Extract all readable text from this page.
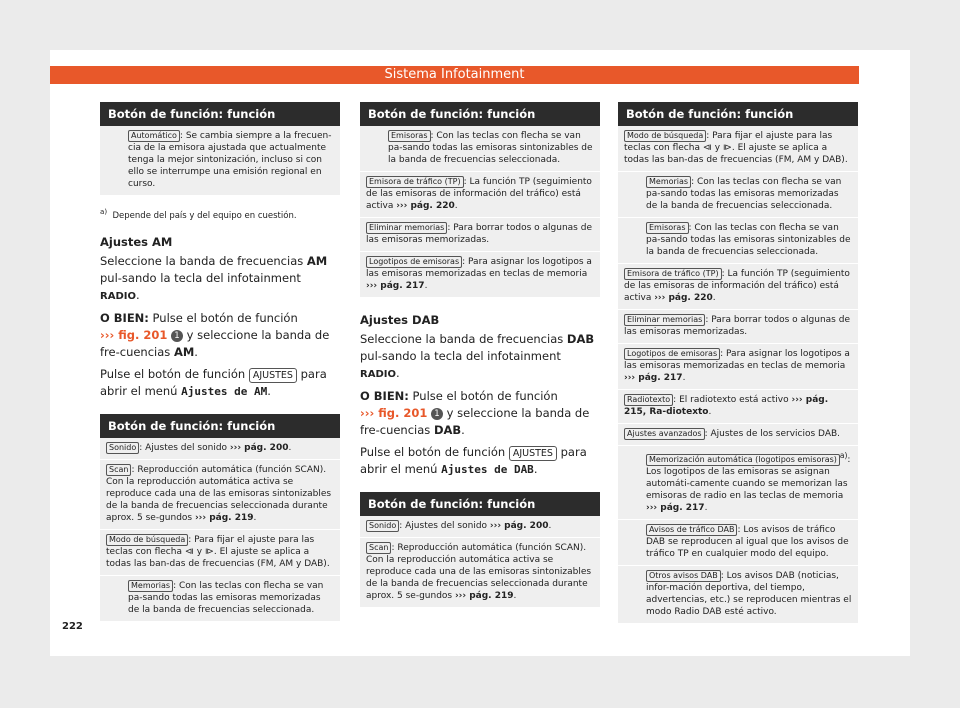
Sistema Infotainment
Botón de función: función
Automático : Se cambia siempre a la frecuen-cia de la emisora ajustada que actualmente tenga la mejor sintonización, incluso si con ello se interrumpe una emisión regional en curso.
$^{a)}$ Depende del país y del equipo en cuestión.

Ajustes AM

Seleccione la banda de frecuencias AM pul-sando la tecla del infotainment RADIO.

O BIEN: Pulse el botón de función
››› fig. 201 1 y seleccione la banda de fre-cuencias AM.

Pulse el botón de función AJUSTES para abrir el menú Ajustes de AM.

Botón de función: función
Sonido : Ajustes del sonido ››› pág. 200.
Scan : Reproducción automática (función SCAN). Con la reproducción automática activa se reproduce cada una de las emisoras sintonizables de la banda de frecuencias seleccionada durante aprox. 5 se-gundos ››› pág. 219.
Modo de búsqueda : Para fijar el ajuste para las teclas con flecha ⧏ y ⧐. El ajuste se aplica a todas las ban-das de frecuencias (FM, AM y DAB).
Memorias : Con las teclas con flecha se van pa-sando todas las emisoras memorizadas de la banda de frecuencias seleccionada.
Botón de función: función
Emisoras : Con las teclas con flecha se van pa-sando todas las emisoras sintonizables de la banda de frecuencias seleccionada.
Emisora de tráfico (TP) : La función TP (seguimiento de las emisoras de información del tráfico) está activa ››› pág. 220.
Eliminar memorias : Para borrar todos o algunas de las emisoras memorizadas.
Logotipos de emisoras : Para asignar los logotipos a las emisoras memorizadas en teclas de memoria ››› pág. 217.

Ajustes DAB

Seleccione la banda de frecuencias DAB pul-sando la tecla del infotainment RADIO.

O BIEN: Pulse el botón de función
››› fig. 201 1 y seleccione la banda de fre-cuencias DAB.

Pulse el botón de función AJUSTES para abrir el menú Ajustes de DAB.

Botón de función: función
Sonido : Ajustes del sonido ››› pág. 200.
Scan : Reproducción automática (función SCAN). Con la reproducción automática activa se reproduce cada una de las emisoras sintonizables de la banda de frecuencias seleccionada durante aprox. 5 se-gundos ››› pág. 219.
Botón de función: función
Modo de búsqueda : Para fijar el ajuste para las teclas con flecha ⧏ y ⧐. El ajuste se aplica a todas las ban-das de frecuencias (FM, AM y DAB).
Memorias : Con las teclas con flecha se van pa-sando todas las emisoras memorizadas de la banda de frecuencias seleccionada.
Emisoras : Con las teclas con flecha se van pa-sando todas las emisoras sintonizables de la banda de frecuencias seleccionada.
Emisora de tráfico (TP) : La función TP (seguimiento de las emisoras de información del tráfico) está activa ››› pág. 220.
Eliminar memorias : Para borrar todos o algunas de las emisoras memorizadas.
Logotipos de emisoras : Para asignar los logotipos a las emisoras memorizadas en teclas de memoria ››› pág. 217.
Radiotexto : El radiotexto está activo ››› pág. 215, Ra-diotexto.
Ajustes avanzados : Ajustes de los servicios DAB.
Memorización automática (logotipos emisoras) $^{a)}$: Los logotipos de las emisoras se asignan automáti-camente cuando se memorizan las emisoras de radio en las teclas de memoria ››› pág. 217.
Avisos de tráfico DAB : Los avisos de tráfico DAB se reproducen al igual que los avisos de tráfico TP en cualquier modo del equipo.
Otros avisos DAB : Los avisos DAB (noticias, infor-mación deportiva, del tiempo, advertencias, etc.) se reproducen mientras el modo Radio DAB esté activo.
222
